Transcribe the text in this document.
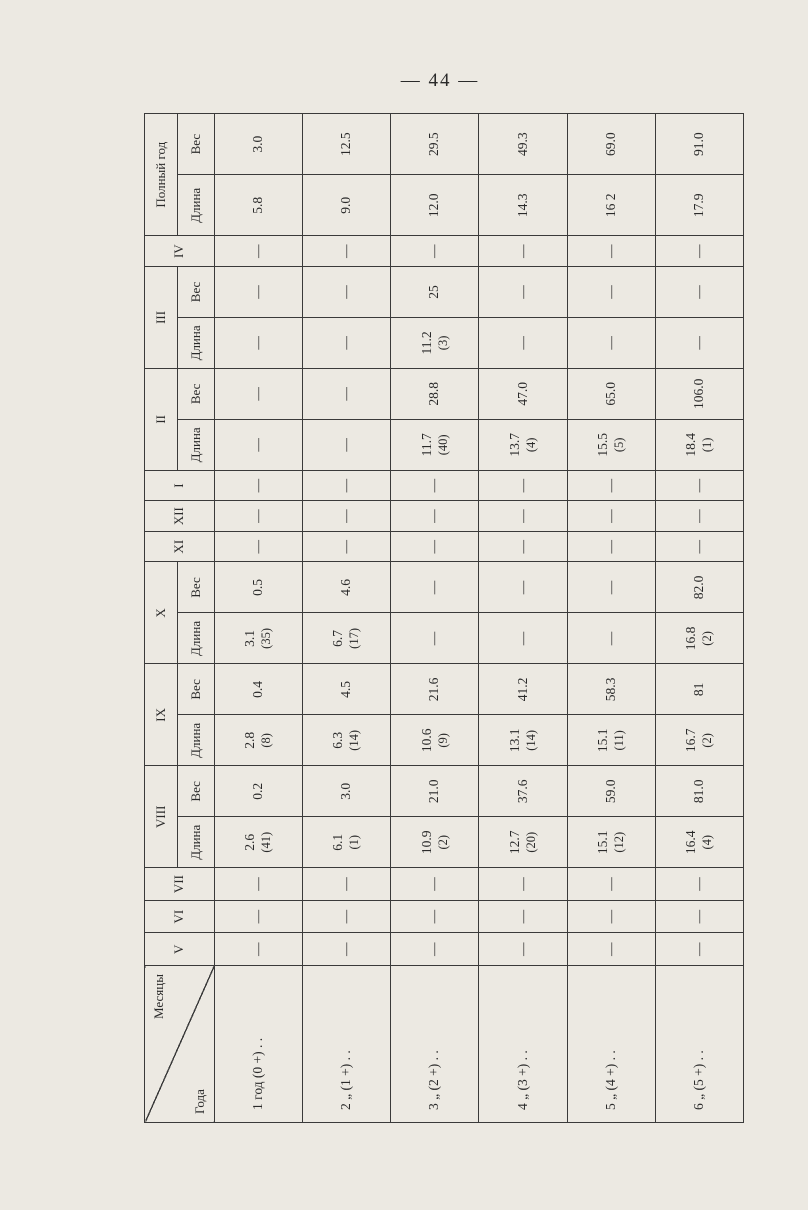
— 44 —
Месяцы
Года	V	VI	VII	VIII		IX		X		XI	XII	I	II		III		IV	Полный год	
				Длина	Вес	Длина	Вес	Длина	Вес				Длина	Вес	Длина	Вес		Длина	Вес
1 год (0 +) . .	—	—	—	2.6 (41)	0.2	2.8 (8)	0.4	3.1 (35)	0.5	—	—	—	—	—	—	—	—	5.8	3.0
2 „ (1 +) . .	—	—	—	6.1 (1)	3.0	6.3 (14)	4.5	6.7 (17)	4.6	—	—	—	—	—	—	—	—	9.0	12.5
3 „ (2 +) . .	—	—	—	10.9 (2)	21.0	10.6 (9)	21.6	—	—	—	—	—	11.7 (40)	28.8	11.2 (3)	25	—	12.0	29.5
4 „ (3 +) . .	—	—	—	12.7 (20)	37.6	13.1 (14)	41.2	—	—	—	—	—	13.7 (4)	47.0	—	—	—	14.3	49.3
5 „ (4 +) . .	—	—	—	15.1 (12)	59.0	15.1 (11)	58.3	—	—	—	—	—	15.5 (5)	65.0	—	—	—	16 2	69.0
6 „ (5 +) . .	—	—	—	16.4 (4)	81.0	16.7 (2)	81	16.8 (2)	82.0	—	—	—	18.4 (1)	106.0	—	—	—	17.9	91.0
